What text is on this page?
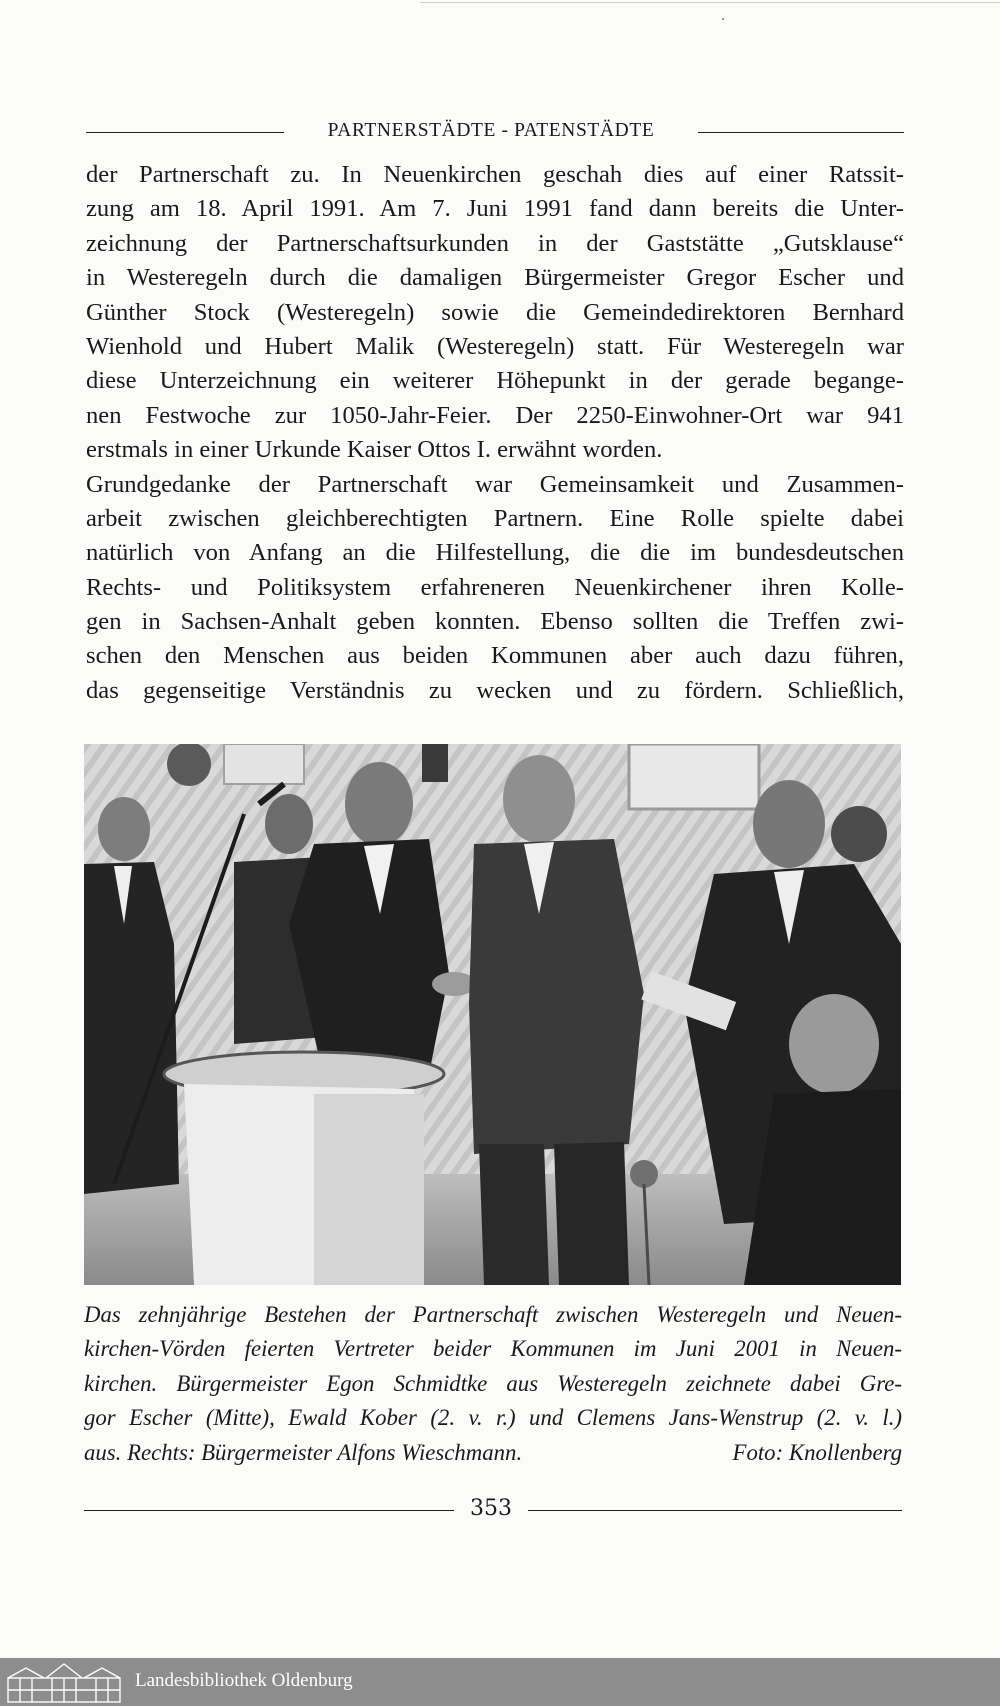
PARTNERSTÄDTE - PATENSTÄDTE
der Partnerschaft zu. In Neuenkirchen geschah dies auf einer Ratssit-
zung am 18. April 1991. Am 7. Juni 1991 fand dann bereits die Unter-
zeichnung der Partnerschaftsurkunden in der Gaststätte „Gutsklause“
in Westeregeln durch die damaligen Bürgermeister Gregor Escher und
Günther Stock (Westeregeln) sowie die Gemeindedirektoren Bernhard
Wienhold und Hubert Malik (Westeregeln) statt. Für Westeregeln war
diese Unterzeichnung ein weiterer Höhepunkt in der gerade begange-
nen Festwoche zur 1050-Jahr-Feier. Der 2250-Einwohner-Ort war 941
erstmals in einer Urkunde Kaiser Ottos I. erwähnt worden.
Grundgedanke der Partnerschaft war Gemeinsamkeit und Zusammen-
arbeit zwischen gleichberechtigten Partnern. Eine Rolle spielte dabei
natürlich von Anfang an die Hilfestellung, die die im bundesdeutschen
Rechts- und Politiksystem erfahreneren Neuenkirchener ihren Kolle-
gen in Sachsen-Anhalt geben konnten. Ebenso sollten die Treffen zwi-
schen den Menschen aus beiden Kommunen aber auch dazu führen,
das gegenseitige Verständnis zu wecken und zu fördern. Schließlich,
Das zehnjährige Bestehen der Partnerschaft zwischen Westeregeln und Neuen-
kirchen-Vörden feierten Vertreter beider Kommunen im Juni 2001 in Neuen-
kirchen. Bürgermeister Egon Schmidtke aus Westeregeln zeichnete dabei Gre-
gor Escher (Mitte), Ewald Kober (2. v. r.) und Clemens Jans-Wenstrup (2. v. l.)
aus. Rechts: Bürgermeister Alfons Wieschmann.	Foto: Knollenberg
353
Landesbibliothek Oldenburg
